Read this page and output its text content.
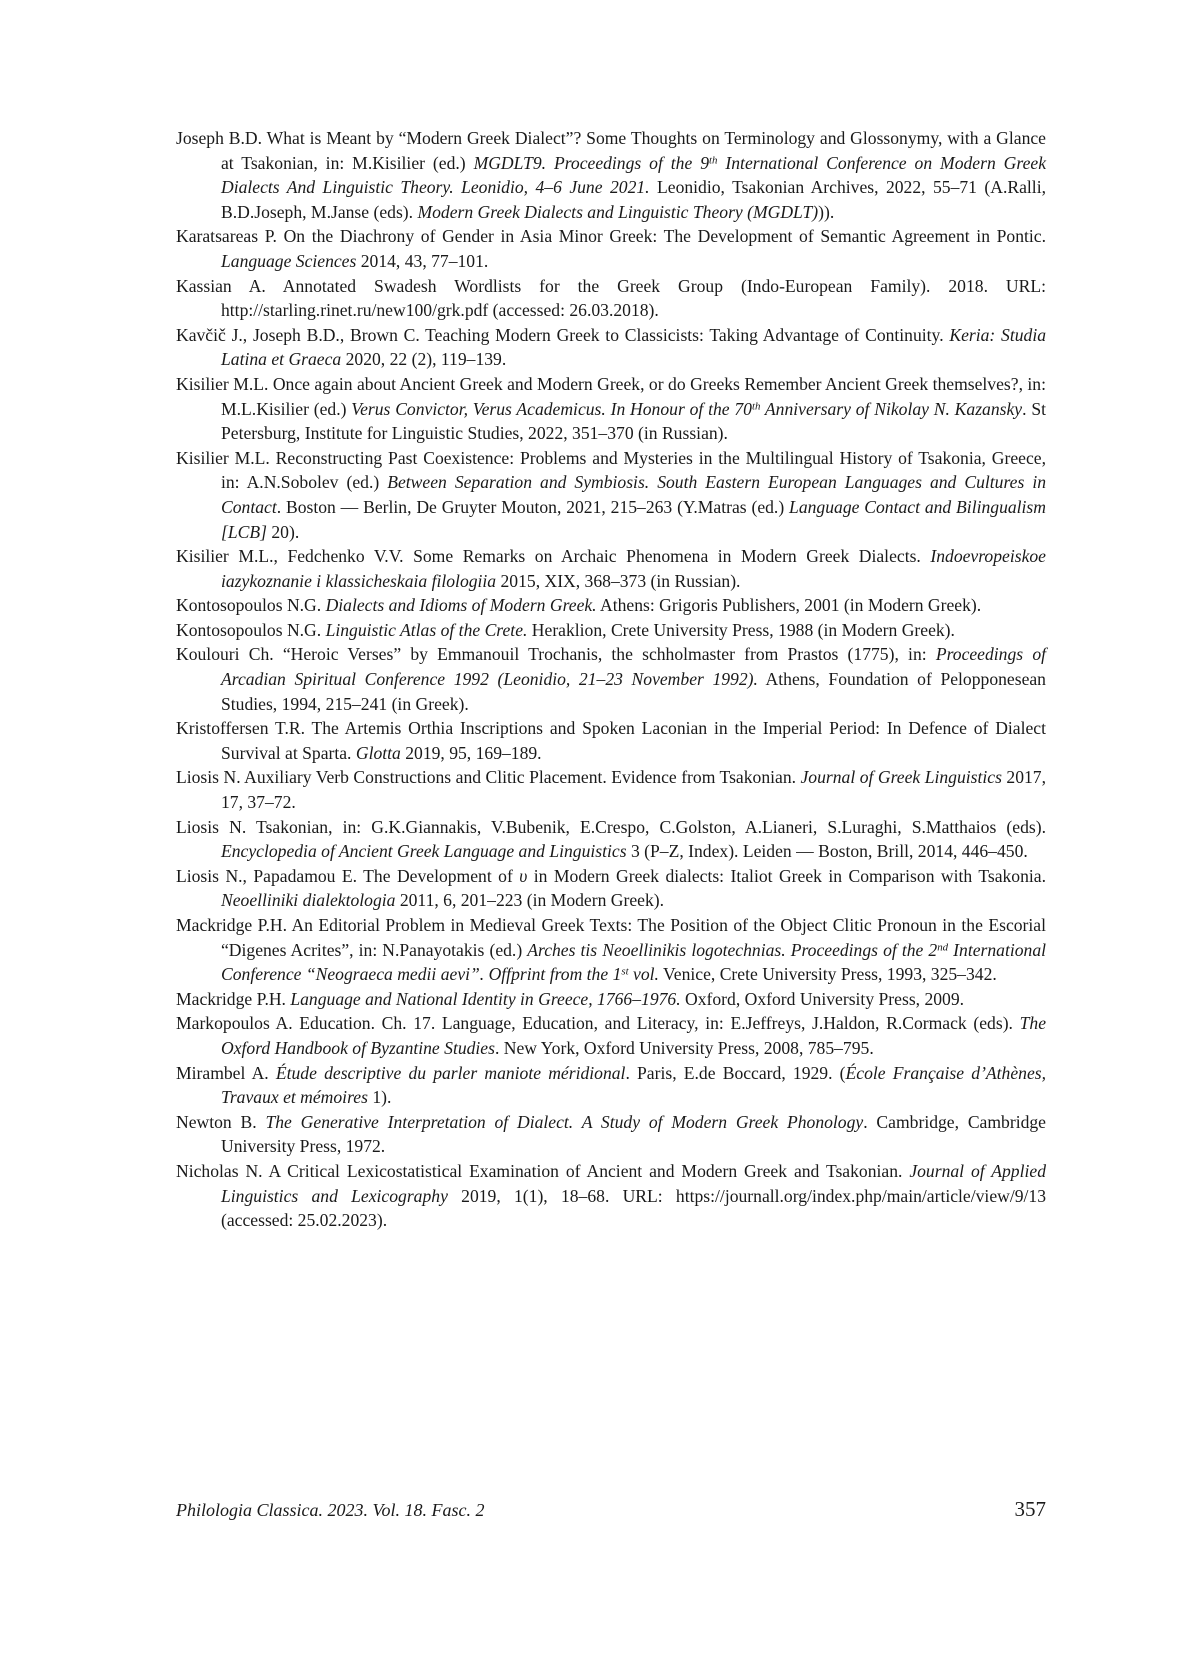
Joseph B.D. What is Meant by “Modern Greek Dialect”? Some Thoughts on Terminology and Glossonymy, with a Glance at Tsakonian, in: M.Kisilier (ed.) MGDLT9. Proceedings of the 9th International Conference on Modern Greek Dialects And Linguistic Theory. Leonidio, 4–6 June 2021. Leonidio, Tsakonian Archives, 2022, 55–71 (A.Ralli, B.D.Joseph, M.Janse (eds). Modern Greek Dialects and Linguistic Theory (MGDLT))).

Karatsareas P. On the Diachrony of Gender in Asia Minor Greek: The Development of Semantic Agreement in Pontic. Language Sciences 2014, 43, 77–101.

Kassian A. Annotated Swadesh Wordlists for the Greek Group (Indo-European Family). 2018. URL: http://starling.rinet.ru/new100/grk.pdf (accessed: 26.03.2018).

Kavčič J., Joseph B.D., Brown C. Teaching Modern Greek to Classicists: Taking Advantage of Continuity. Keria: Studia Latina et Graeca 2020, 22 (2), 119–139.

Kisilier M.L. Once again about Ancient Greek and Modern Greek, or do Greeks Remember Ancient Greek themselves?, in: M.L.Kisilier (ed.) Verus Convictor, Verus Academicus. In Honour of the 70th Anniversary of Nikolay N. Kazansky. St Petersburg, Institute for Linguistic Studies, 2022, 351–370 (in Russian).

Kisilier M.L. Reconstructing Past Coexistence: Problems and Mysteries in the Multilingual History of Tsakonia, Greece, in: A.N.Sobolev (ed.) Between Separation and Symbiosis. South Eastern European Languages and Cultures in Contact. Boston — Berlin, De Gruyter Mouton, 2021, 215–263 (Y.Matras (ed.) Language Contact and Bilingualism [LCB] 20).

Kisilier M.L., Fedchenko V.V. Some Remarks on Archaic Phenomena in Modern Greek Dialects. Indoevropeiskoe iazykoznanie i klassicheskaia filologiia 2015, XIX, 368–373 (in Russian).

Kontosopoulos N.G. Dialects and Idioms of Modern Greek. Athens: Grigoris Publishers, 2001 (in Modern Greek).

Kontosopoulos N.G. Linguistic Atlas of the Crete. Heraklion, Crete University Press, 1988 (in Modern Greek).

Koulouri Ch. “Heroic Verses” by Emmanouil Trochanis, the schholmaster from Prastos (1775), in: Proceedings of Arcadian Spiritual Conference 1992 (Leonidio, 21–23 November 1992). Athens, Foundation of Pelopponesean Studies, 1994, 215–241 (in Greek).

Kristoffersen T.R. The Artemis Orthia Inscriptions and Spoken Laconian in the Imperial Period: In Defence of Dialect Survival at Sparta. Glotta 2019, 95, 169–189.

Liosis N. Auxiliary Verb Constructions and Clitic Placement. Evidence from Tsakonian. Journal of Greek Linguistics 2017, 17, 37–72.

Liosis N. Tsakonian, in: G.K.Giannakis, V.Bubenik, E.Crespo, C.Golston, A.Lianeri, S.Luraghi, S.Matthaios (eds). Encyclopedia of Ancient Greek Language and Linguistics 3 (P–Z, Index). Leiden — Boston, Brill, 2014, 446–450.

Liosis N., Papadamou E. The Development of υ in Modern Greek dialects: Italiot Greek in Comparison with Tsakonia. Neoelliniki dialektologia 2011, 6, 201–223 (in Modern Greek).

Mackridge P.H. An Editorial Problem in Medieval Greek Texts: The Position of the Object Clitic Pronoun in the Escorial “Digenes Acrites”, in: N.Panayotakis (ed.) Arches tis Neoellinikis logotechnias. Proceedings of the 2nd International Conference “Neograeca medii aevi”. Offprint from the 1st vol. Venice, Crete University Press, 1993, 325–342.

Mackridge P.H. Language and National Identity in Greece, 1766–1976. Oxford, Oxford University Press, 2009.

Markopoulos A. Education. Ch. 17. Language, Education, and Literacy, in: E.Jeffreys, J.Haldon, R.Cormack (eds). The Oxford Handbook of Byzantine Studies. New York, Oxford University Press, 2008, 785–795.

Mirambel A. Étude descriptive du parler maniote méridional. Paris, E.de Boccard, 1929. (École Française d’Athènes, Travaux et mémoires 1).

Newton B. The Generative Interpretation of Dialect. A Study of Modern Greek Phonology. Cambridge, Cambridge University Press, 1972.

Nicholas N. A Critical Lexicostatistical Examination of Ancient and Modern Greek and Tsakonian. Journal of Applied Linguistics and Lexicography 2019, 1(1), 18–68. URL: https://journall.org/index.php/main/article/view/9/13 (accessed: 25.02.2023).

Philologia Classica. 2023. Vol. 18. Fasc. 2	357
